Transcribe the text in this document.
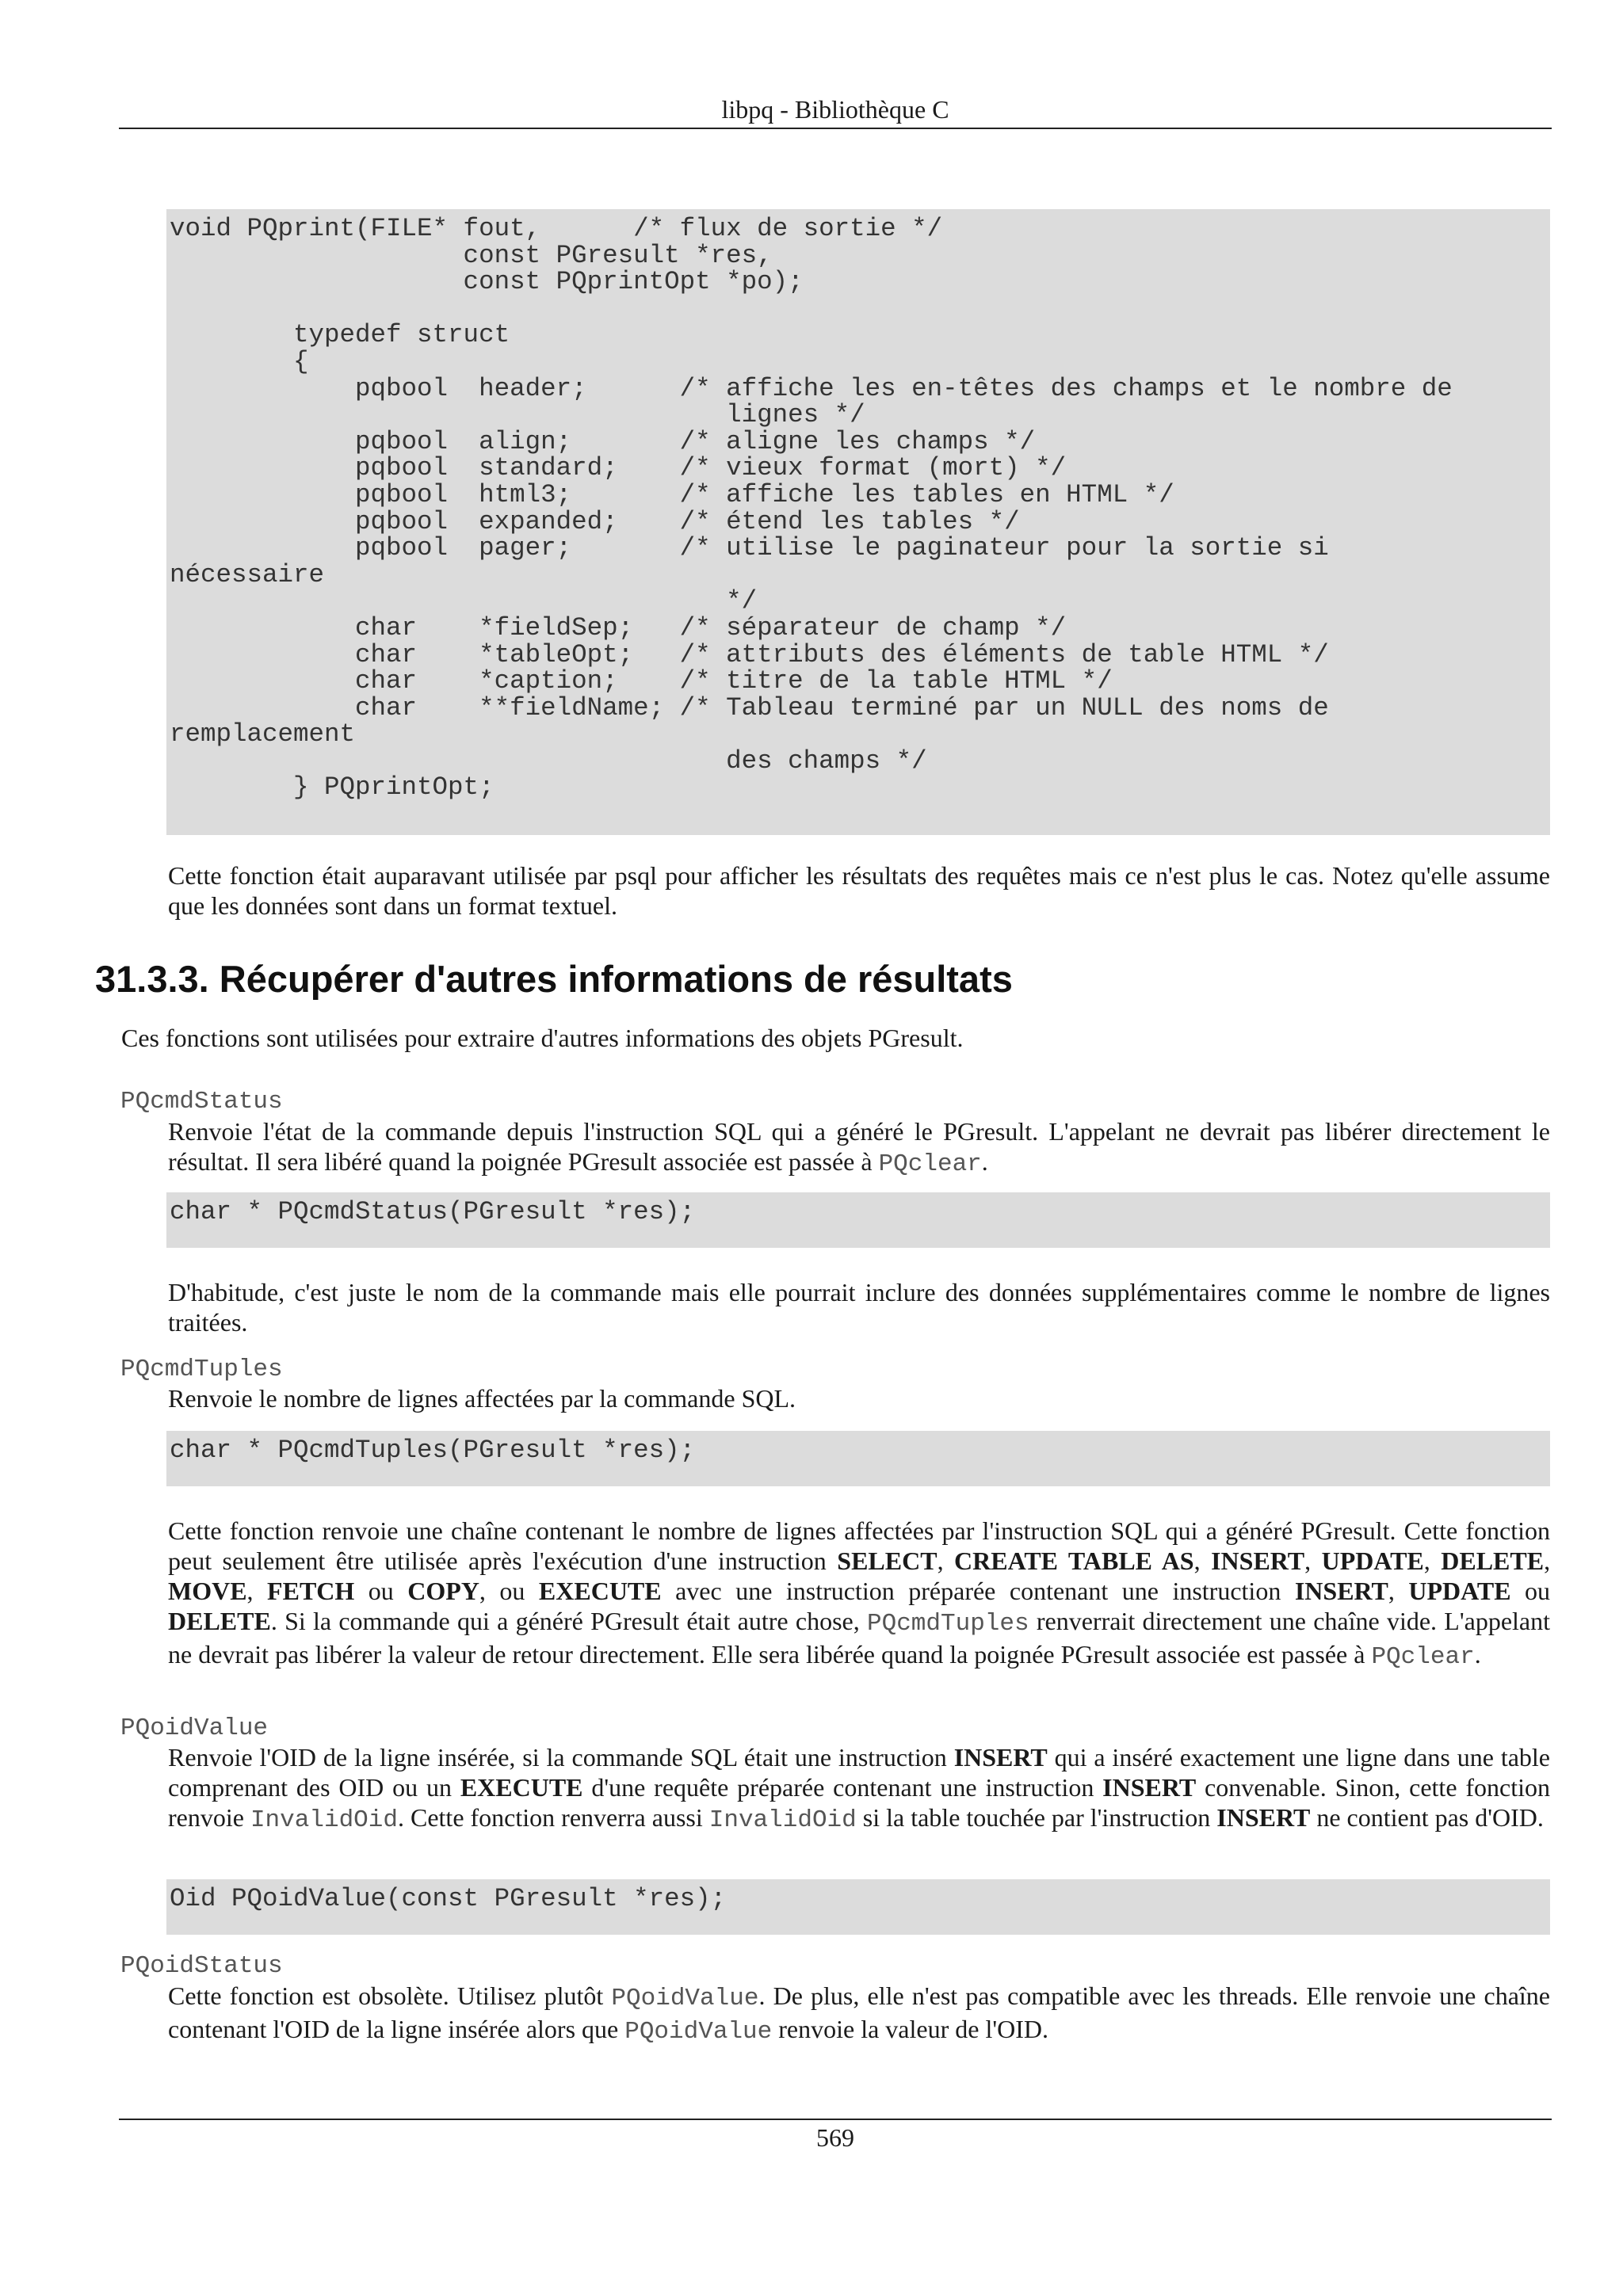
libpq - Bibliothèque C
void PQprint(FILE* fout,      /* flux de sortie */
const PGresult *res,
const PQprintOpt *po);
typedef struct
{
pqbool  header;      /* affiche les en-têtes des champs et le nombre de
lignes */
pqbool  align;       /* aligne les champs */
pqbool  standard;    /* vieux format (mort) */
pqbool  html3;       /* affiche les tables en HTML */
pqbool  expanded;    /* étend les tables */
pqbool  pager;       /* utilise le paginateur pour la sortie si
nécessaire
*/
char    *fieldSep;   /* séparateur de champ */
char    *tableOpt;   /* attributs des éléments de table HTML */
char    *caption;    /* titre de la table HTML */
char    **fieldName; /* Tableau terminé par un NULL des noms de
remplacement
des champs */
} PQprintOpt;

Cette fonction était auparavant utilisée par psql pour afficher les résultats des requêtes mais ce n'est plus le cas. Notez qu'elle assume que les données sont dans un format textuel.

31.3.3. Récupérer d'autres informations de résultats

Ces fonctions sont utilisées pour extraire d'autres informations des objets PGresult.

PQcmdStatus

Renvoie l'état de la commande depuis l'instruction SQL qui a généré le PGresult. L'appelant ne devrait pas libérer directement le résultat. Il sera libéré quand la poignée PGresult associée est passée à PQclear.

char * PQcmdStatus(PGresult *res);

D'habitude, c'est juste le nom de la commande mais elle pourrait inclure des données supplémentaires comme le nombre de lignes traitées.

PQcmdTuples

Renvoie le nombre de lignes affectées par la commande SQL.

char * PQcmdTuples(PGresult *res);

Cette fonction renvoie une chaîne contenant le nombre de lignes affectées par l'instruction SQL qui a généré PGresult. Cette fonction peut seulement être utilisée après l'exécution d'une instruction SELECT, CREATE TABLE AS, INSERT, UPDATE, DELETE, MOVE, FETCH ou COPY, ou EXECUTE avec une instruction préparée contenant une instruction INSERT, UPDATE ou DELETE. Si la commande qui a généré PGresult était autre chose, PQcmdTuples renverrait directement une chaîne vide. L'appelant ne devrait pas libérer la valeur de retour directement. Elle sera libérée quand la poignée PGresult associée est passée à PQclear.

PQoidValue

Renvoie l'OID de la ligne insérée, si la commande SQL était une instruction INSERT qui a inséré exactement une ligne dans une table comprenant des OID ou un EXECUTE d'une requête préparée contenant une instruction INSERT convenable. Sinon, cette fonction renvoie InvalidOid. Cette fonction renverra aussi InvalidOid si la table touchée par l'instruction INSERT ne contient pas d'OID.

Oid PQoidValue(const PGresult *res);
PQoidStatus

Cette fonction est obsolète. Utilisez plutôt PQoidValue. De plus, elle n'est pas compatible avec les threads. Elle renvoie une chaîne contenant l'OID de la ligne insérée alors que PQoidValue renvoie la valeur de l'OID.

569
